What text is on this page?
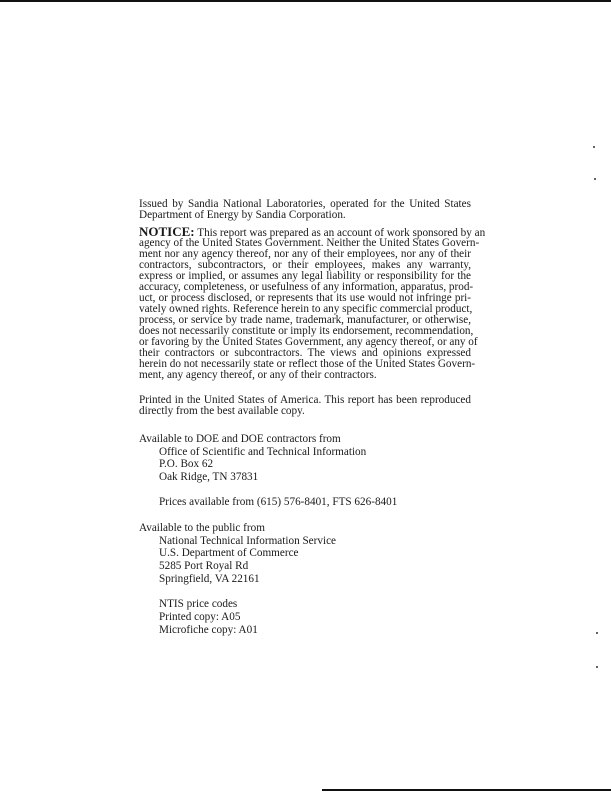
Issued by Sandia National Laboratories, operated for the United States
Department of Energy by Sandia Corporation.
NOTICE: This report was prepared as an account of work sponsored by an
agency of the United States Government. Neither the United States Govern-
ment nor any agency thereof, nor any of their employees, nor any of their
contractors, subcontractors, or their employees, makes any warranty,
express or implied, or assumes any legal liability or responsibility for the
accuracy, completeness, or usefulness of any information, apparatus, prod-
uct, or process disclosed, or represents that its use would not infringe pri-
vately owned rights. Reference herein to any specific commercial product,
process, or service by trade name, trademark, manufacturer, or otherwise,
does not necessarily constitute or imply its endorsement, recommendation,
or favoring by the United States Government, any agency thereof, or any of
their contractors or subcontractors. The views and opinions expressed
herein do not necessarily state or reflect those of the United States Govern-
ment, any agency thereof, or any of their contractors.
Printed in the United States of America. This report has been reproduced
directly from the best available copy.
Available to DOE and DOE contractors from
Office of Scientific and Technical Information
P.O. Box 62
Oak Ridge, TN 37831
Prices available from (615) 576-8401, FTS 626-8401
Available to the public from
National Technical Information Service
U.S. Department of Commerce
5285 Port Royal Rd
Springfield, VA 22161
NTIS price codes
Printed copy: A05
Microfiche copy: A01
